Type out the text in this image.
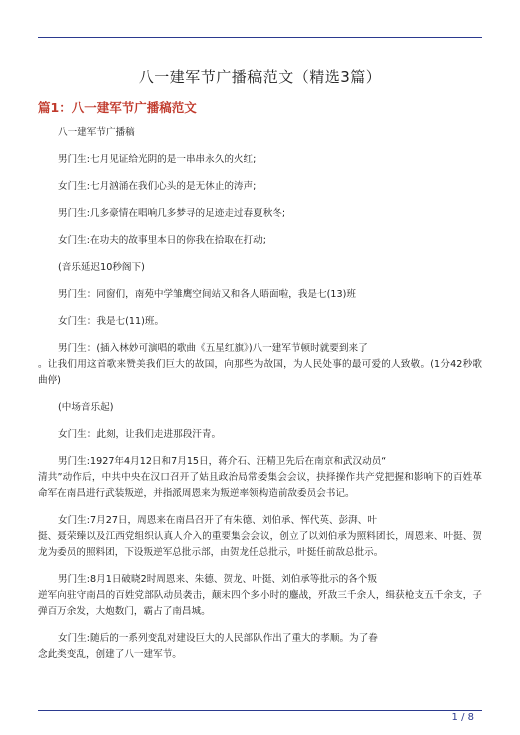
八一建军节广播稿范文（精选3篇）
篇1：八一建军节广播稿范文
八一建军节广播稿
男门生:七月见证给光阴的是一串串永久的火红;
女门生:七月汹涌在我们心头的是无休止的涛声;
男门生:几多豪情在唱响几多梦寻的足迹走过春夏秋冬;
女门生:在功夫的故事里本日的你我在拾取在打动;
(音乐延迟10秒阁下)
男门生：同窗们，南苑中学雏鹰空间站又和各人晤面啦，我是七(13)班
女门生：我是七(11)班。
男门生：(插入林妙可演唱的歌曲《五星红旗》)八一建军节顿时就要到来了
。让我们用这首歌来赞美我们巨大的故国，向那些为故国，为人民处事的最可爱的人致敬。(1分42秒歌曲停)
(中场音乐起)
女门生：此刻，让我们走进那段汗青。
男门生:1927年4月12日和7月15日，蒋介石、汪精卫先后在南京和武汉动员“
清共”动作后，中共中央在汉口召开了姑且政治局常委集会会议，抉择操作共产党把握和影响下的百姓革命军在南昌进行武装叛逆，并指派周恩来为叛逆率领构造前敌委员会书记。
女门生:7月27日，周恩来在南昌召开了有朱德、刘伯承、恽代英、彭湃、叶
挺、聂荣臻以及江西党组织认真人介入的重要集会会议，创立了以刘伯承为照料团长，周恩来、叶挺、贺龙为委员的照料团，下设叛逆军总批示部，由贺龙任总批示，叶挺任前敌总批示。
男门生:8月1日破晓2时周恩来、朱德、贺龙、叶挺、刘伯承等批示的各个叛
逆军向驻守南昌的百姓党部队动员袭击，颠末四个多小时的鏖战，歼敌三千余人，缉获枪支五千余支，子弹百万余发，大炮数门，霸占了南昌城。
女门生:随后的一系列变乱对建设巨大的人民部队作出了重大的孝顺。为了眷
念此类变乱，创建了八一建军节。
1 / 8
